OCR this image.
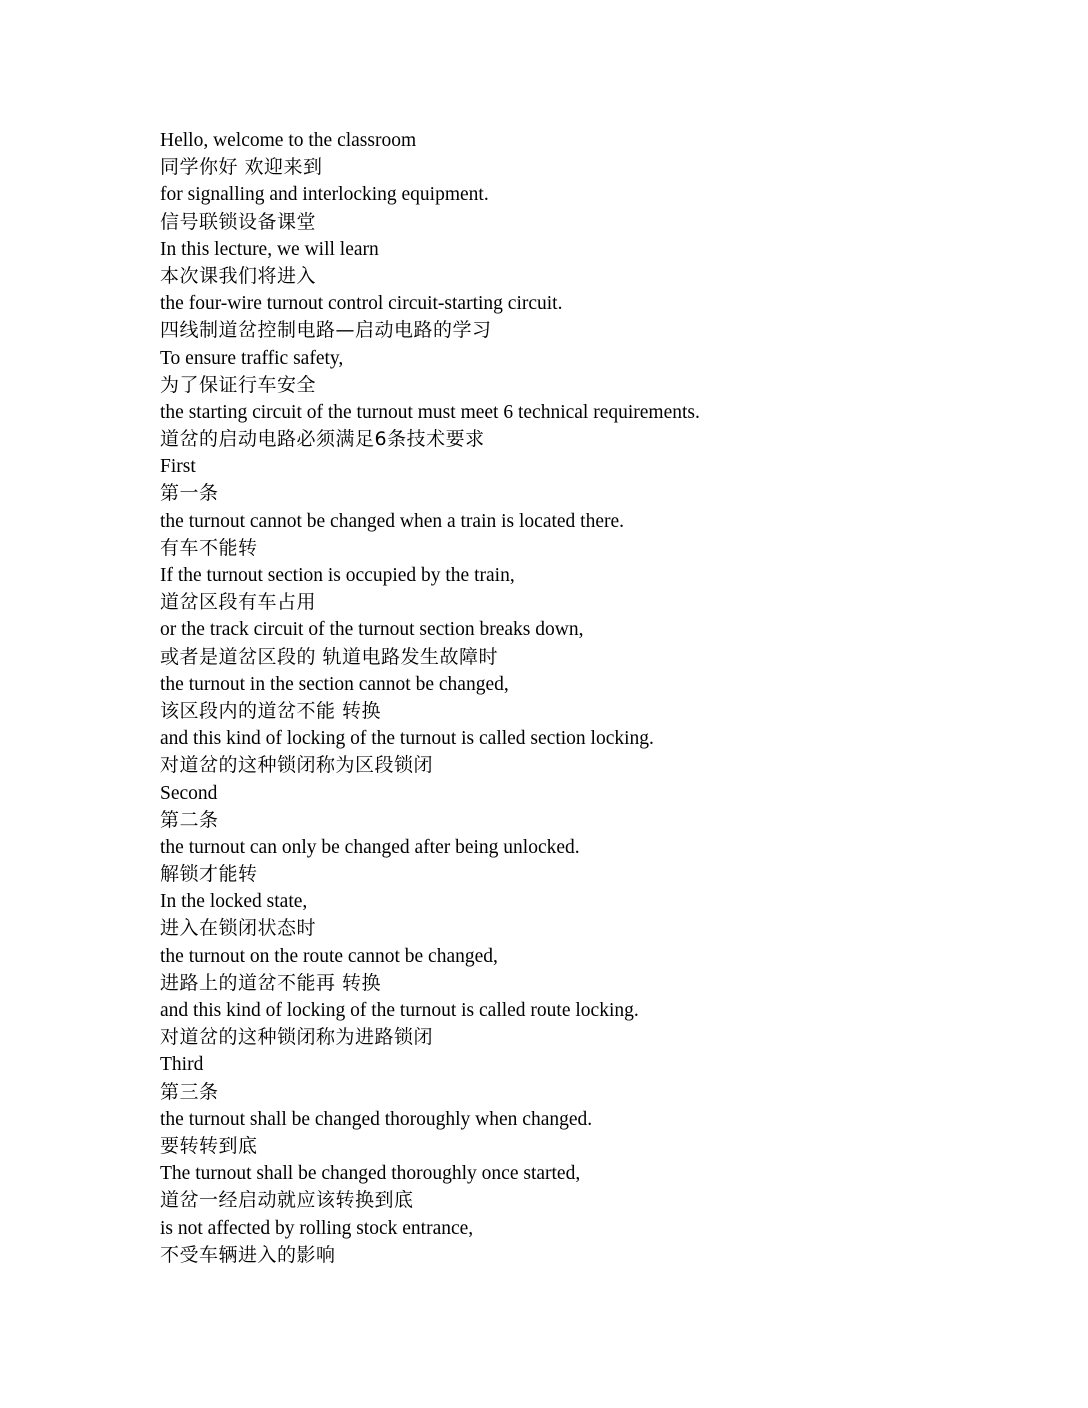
Hello, welcome to the classroom
同学你好 欢迎来到
for signalling and interlocking equipment.
信号联锁设备课堂
In this lecture, we will learn
本次课我们将进入
the four-wire turnout control circuit-starting circuit.
四线制道岔控制电路—启动电路的学习
To ensure traffic safety,
为了保证行车安全
the starting circuit of the turnout must meet 6 technical requirements.
道岔的启动电路必须满足6条技术要求
First
第一条
the turnout cannot be changed when a train is located there.
有车不能转
If the turnout section is occupied by the train,
道岔区段有车占用
or the track circuit of the turnout section breaks down,
或者是道岔区段的 轨道电路发生故障时
the turnout in the section cannot be changed,
该区段内的道岔不能 转换
and this kind of locking of the turnout is called section locking.
对道岔的这种锁闭称为区段锁闭
Second
第二条
the turnout can only be changed after being unlocked.
解锁才能转
In the locked state,
进入在锁闭状态时
the turnout on the route cannot be changed,
进路上的道岔不能再 转换
and this kind of locking of the turnout is called route locking.
对道岔的这种锁闭称为进路锁闭
Third
第三条
the turnout shall be changed thoroughly when changed.
要转转到底
The turnout shall be changed thoroughly once started,
道岔一经启动就应该转换到底
is not affected by rolling stock entrance,
不受车辆进入的影响
